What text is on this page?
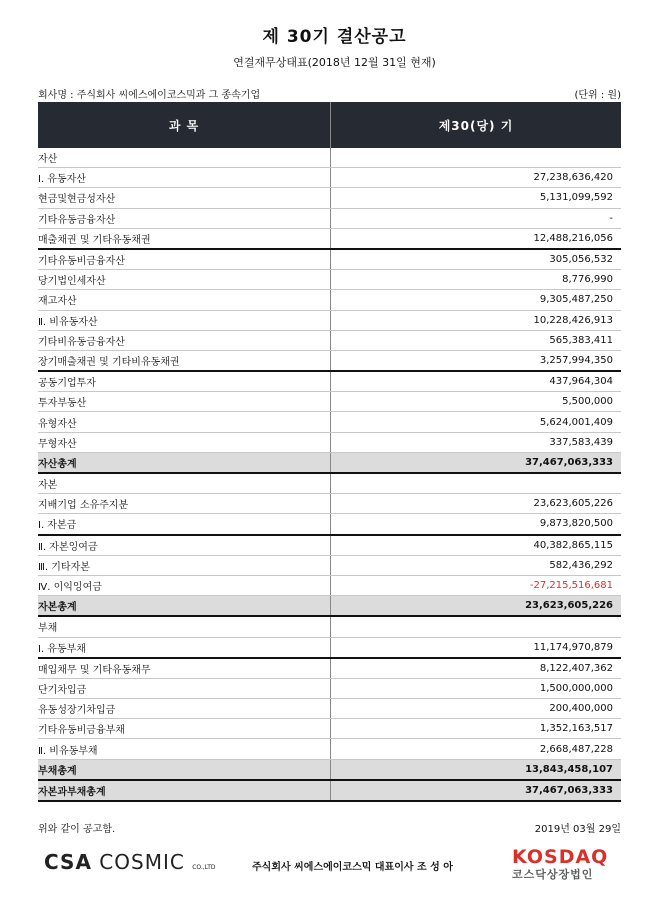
제 30기 결산공고
연결재무상태표(2018년 12월 31일 현재)
회사명 : 주식회사 씨에스에이코스믹과 그 종속기업	(단위 : 원)
과 목	제30(당) 기
자산	
Ⅰ. 유동자산	27,238,636,420
현금및현금성자산	5,131,099,592
기타유동금융자산	-
매출채권 및 기타유동채권	12,488,216,056
기타유동비금융자산	305,056,532
당기법인세자산	8,776,990
재고자산	9,305,487,250
Ⅱ. 비유동자산	10,228,426,913
기타비유동금융자산	565,383,411
장기매출채권 및 기타비유동채권	3,257,994,350
공동기업투자	437,964,304
투자부동산	5,500,000
유형자산	5,624,001,409
무형자산	337,583,439
자산총계	37,467,063,333
자본	
지배기업 소유주지분	23,623,605,226
Ⅰ. 자본금	9,873,820,500
Ⅱ. 자본잉여금	40,382,865,115
Ⅲ. 기타자본	582,436,292
Ⅳ. 이익잉여금	-27,215,516,681
자본총계	23,623,605,226
부채	
Ⅰ. 유동부채	11,174,970,879
매입채무 및 기타유동채무	8,122,407,362
단기차입금	1,500,000,000
유동성장기차입금	200,400,000
기타유동비금융부채	1,352,163,517
Ⅱ. 비유동부채	2,668,487,228
부채총계	13,843,458,107
자본과부채총계	37,467,063,333
위와 같이 공고함.	2019년 03월 29일
CSA COSMIC CO.,LTD	주식회사 씨에스에이코스믹 대표이사 조 성 아	KOSDAQ
코스닥상장법인
